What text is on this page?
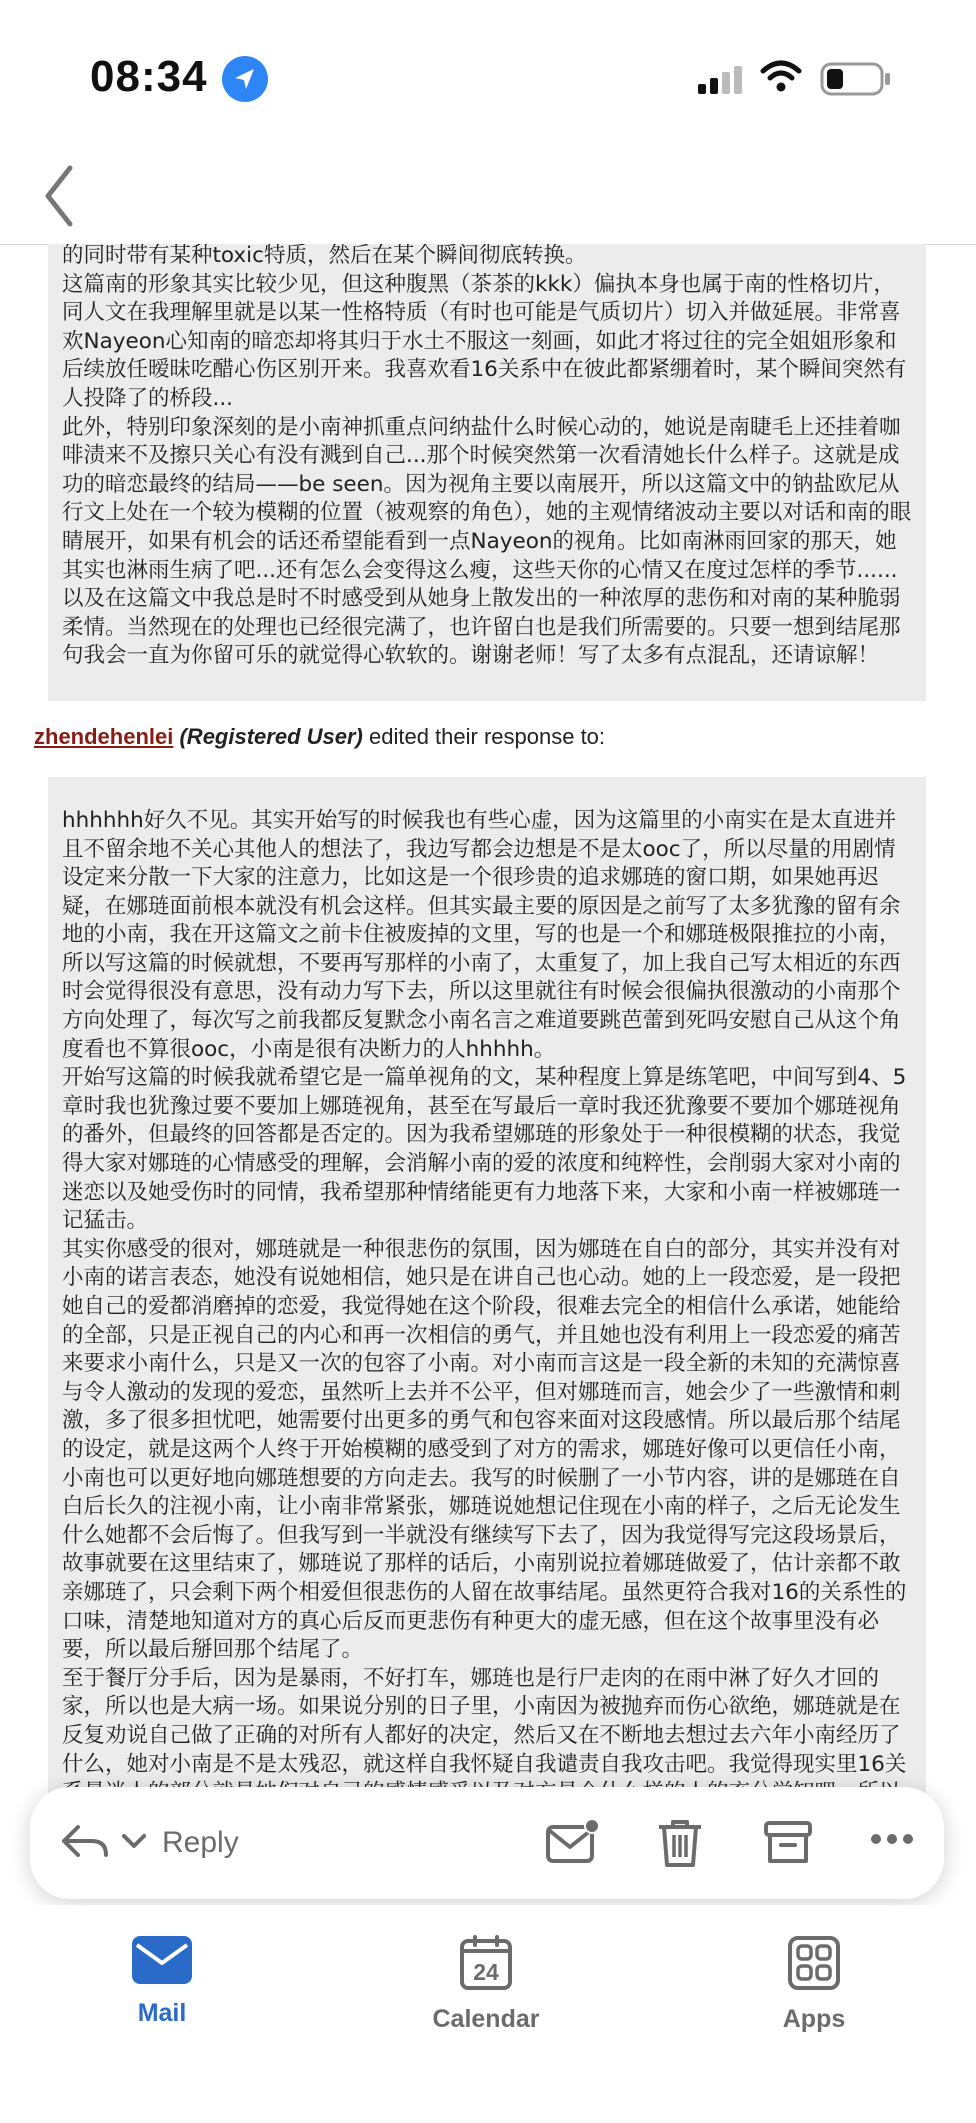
08:34

的同时带有某种toxic特质，然后在某个瞬间彻底转换。

这篇南的形象其实比较少见，但这种腹黑（茶茶的kkk）偏执本身也属于南的性格切片，同人文在我理解里就是以某一性格特质（有时也可能是气质切片）切入并做延展。非常喜欢Nayeon心知南的暗恋却将其归于水土不服这一刻画，如此才将过往的完全姐姐形象和后续放任暧昧吃醋心伤区别开来。我喜欢看16关系中在彼此都紧绷着时，某个瞬间突然有人投降了的桥段...

此外，特别印象深刻的是小南神抓重点问纳盐什么时候心动的，她说是南睫毛上还挂着咖啡渍来不及擦只关心有没有溅到自己...那个时候突然第一次看清她长什么样子。这就是成功的暗恋最终的结局——be seen。因为视角主要以南展开，所以这篇文中的钠盐欧尼从行文上处在一个较为模糊的位置（被观察的角色），她的主观情绪波动主要以对话和南的眼睛展开，如果有机会的话还希望能看到一点Nayeon的视角。比如南淋雨回家的那天，她其实也淋雨生病了吧...还有怎么会变得这么瘦，这些天你的心情又在度过怎样的季节......以及在这篇文中我总是时不时感受到从她身上散发出的一种浓厚的悲伤和对南的某种脆弱柔情。当然现在的处理也已经很完满了，也许留白也是我们所需要的。只要一想到结尾那句我会一直为你留可乐的就觉得心软软的。谢谢老师！写了太多有点混乱，还请谅解！

zhendehenlei (Registered User) edited their response to:

hhhhhh好久不见。其实开始写的时候我也有些心虚，因为这篇里的小南实在是太直进并且不留余地不关心其他人的想法了，我边写都会边想是不是太ooc了，所以尽量的用剧情设定来分散一下大家的注意力，比如这是一个很珍贵的追求娜琏的窗口期，如果她再迟疑，在娜琏面前根本就没有机会这样。但其实最主要的原因是之前写了太多犹豫的留有余地的小南，我在开这篇文之前卡住被废掉的文里，写的也是一个和娜琏极限推拉的小南，所以写这篇的时候就想，不要再写那样的小南了，太重复了，加上我自己写太相近的东西时会觉得很没有意思，没有动力写下去，所以这里就往有时候会很偏执很激动的小南那个方向处理了，每次写之前我都反复默念小南名言之难道要跳芭蕾到死吗安慰自己从这个角度看也不算很ooc，小南是很有决断力的人hhhhh。

开始写这篇的时候我就希望它是一篇单视角的文，某种程度上算是练笔吧，中间写到4、5章时我也犹豫过要不要加上娜琏视角，甚至在写最后一章时我还犹豫要不要加个娜琏视角的番外，但最终的回答都是否定的。因为我希望娜琏的形象处于一种很模糊的状态，我觉得大家对娜琏的心情感受的理解，会消解小南的爱的浓度和纯粹性，会削弱大家对小南的迷恋以及她受伤时的同情，我希望那种情绪能更有力地落下来，大家和小南一样被娜琏一记猛击。

其实你感受的很对，娜琏就是一种很悲伤的氛围，因为娜琏在自白的部分，其实并没有对小南的诺言表态，她没有说她相信，她只是在讲自己也心动。她的上一段恋爱，是一段把她自己的爱都消磨掉的恋爱，我觉得她在这个阶段，很难去完全的相信什么承诺，她能给的全部，只是正视自己的内心和再一次相信的勇气，并且她也没有利用上一段恋爱的痛苦来要求小南什么，只是又一次的包容了小南。对小南而言这是一段全新的未知的充满惊喜与令人激动的发现的爱恋，虽然听上去并不公平，但对娜琏而言，她会少了一些激情和刺激，多了很多担忧吧，她需要付出更多的勇气和包容来面对这段感情。所以最后那个结尾的设定，就是这两个人终于开始模糊的感受到了对方的需求，娜琏好像可以更信任小南，小南也可以更好地向娜琏想要的方向走去。我写的时候删了一小节内容，讲的是娜琏在自白后长久的注视小南，让小南非常紧张，娜琏说她想记住现在小南的样子，之后无论发生什么她都不会后悔了。但我写到一半就没有继续写下去了，因为我觉得写完这段场景后，故事就要在这里结束了，娜琏说了那样的话后，小南别说拉着娜琏做爱了，估计亲都不敢亲娜琏了，只会剩下两个相爱但很悲伤的人留在故事结尾。虽然更符合我对16的关系性的口味，清楚地知道对方的真心后反而更悲伤有种更大的虚无感，但在这个故事里没有必要，所以最后掰回那个结尾了。

至于餐厅分手后，因为是暴雨，不好打车，娜琏也是行尸走肉的在雨中淋了好久才回的家，所以也是大病一场。如果说分别的日子里，小南因为被抛弃而伤心欲绝，娜琏就是在反复劝说自己做了正确的对所有人都好的决定，然后又在不断地去想过去六年小南经历了什么，她对小南是不是太残忍，就这样自我怀疑自我谴责自我攻击吧。我觉得现实里16关

Reply
Mail
24
Calendar	Apps
